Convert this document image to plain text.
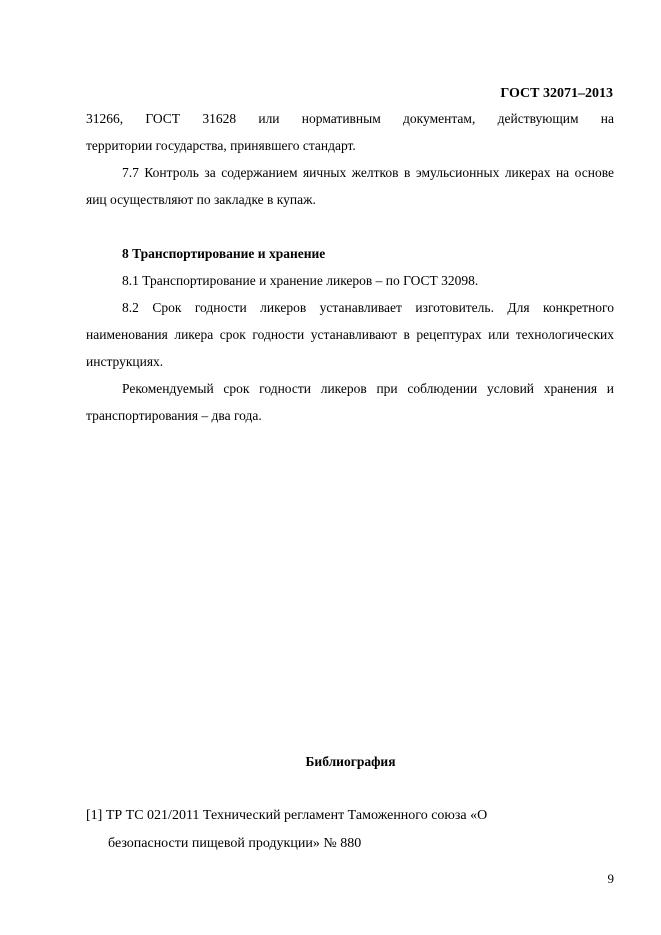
ГОСТ 32071–2013
31266, ГОСТ 31628 или нормативным документам, действующим на
территории государства, принявшего стандарт.
7.7 Контроль за содержанием яичных желтков в эмульсионных ликерах на основе яиц осуществляют по закладке в купаж.
8 Транспортирование и хранение
8.1 Транспортирование и хранение ликеров – по ГОСТ 32098.
8.2 Срок годности ликеров устанавливает изготовитель. Для конкретного наименования ликера срок годности устанавливают в рецептурах или технологических инструкциях.
Рекомендуемый срок годности ликеров при соблюдении условий хранения и транспортирования – два года.
Библиография
[1] ТР ТС 021/2011 Технический регламент Таможенного союза «О
безопасности пищевой продукции» № 880
9
